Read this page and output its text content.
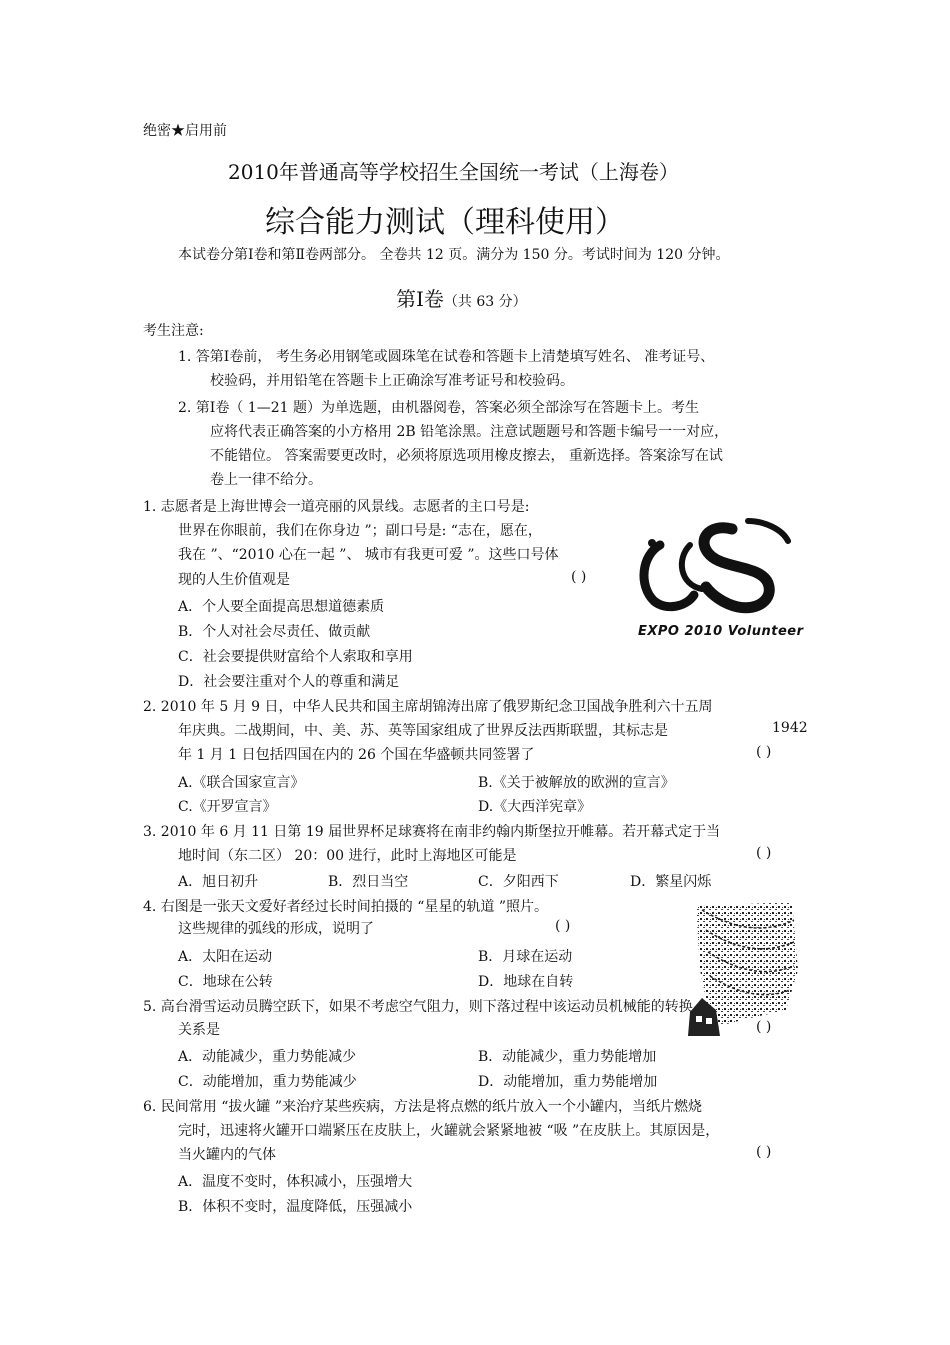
绝密★启用前
2010年普通高等学校招生全国统一考试（上海卷）
综合能力测试（理科使用）
本试卷分第Ⅰ卷和第Ⅱ卷两部分。 全卷共 12 页。满分为 150 分。考试时间为 120 分钟。
第Ⅰ卷（共 63 分）
考生注意:
1. 答第Ⅰ卷前， 考生务必用钢笔或圆珠笔在试卷和答题卡上清楚填写姓名、 准考证号、
校验码，并用铅笔在答题卡上正确涂写准考证号和校验码。
2. 第Ⅰ卷（ 1—21 题）为单选题，由机器阅卷，答案必须全部涂写在答题卡上。考生
应将代表正确答案的小方格用 2B 铅笔涂黑。注意试题题号和答题卡编号一一对应，
不能错位。 答案需要更改时，必须将原选项用橡皮擦去， 重新选择。答案涂写在试
卷上一律不给分。
1. 志愿者是上海世博会一道亮丽的风景线。志愿者的主口号是:
世界在你眼前，我们在你身边 ”；副口号是: “志在，愿在，
我在 ”、“2010 心在一起 ”、 城市有我更可爱 ”。这些口号体
现的人生价值观是	( )
A．个人要全面提高思想道德素质
B．个人对社会尽责任、做贡献
C．社会要提供财富给个人索取和享用
D．社会要注重对个人的尊重和满足
EXPO 2010 Volunteer
2. 2010 年 5 月 9 日，中华人民共和国主席胡锦涛出席了俄罗斯纪念卫国战争胜利六十五周
年庆典。二战期间，中、美、苏、英等国家组成了世界反法西斯联盟，其标志是	1942
年 1 月 1 日包括四国在内的 26 个国在华盛顿共同签署了	( )
A.《联合国家宣言》	B.《关于被解放的欧洲的宣言》
C.《开罗宣言》	D.《大西洋宪章》
3. 2010 年 6 月 11 日第 19 届世界杯足球赛将在南非约翰内斯堡拉开帷幕。若开幕式定于当
地时间（东二区） 20：00 进行，此时上海地区可能是	( )
A．旭日初升	B．烈日当空	C．夕阳西下	D．繁星闪烁
4. 右图是一张天文爱好者经过长时间拍摄的 “星星的轨道 ”照片。
这些规律的弧线的形成，说明了	( )
A．太阳在运动	B．月球在运动
C．地球在公转	D．地球在自转
5. 高台滑雪运动员腾空跃下，如果不考虑空气阻力，则下落过程中该运动员机械能的转换
关系是	( )
A．动能减少，重力势能减少	B．动能减少，重力势能增加
C．动能增加，重力势能减少	D．动能增加，重力势能增加
6. 民间常用 “拔火罐 ”来治疗某些疾病，方法是将点燃的纸片放入一个小罐内，当纸片燃烧
完时，迅速将火罐开口端紧压在皮肤上，火罐就会紧紧地被 “吸 ”在皮肤上。其原因是，
当火罐内的气体	( )
A．温度不变时，体积减小，压强增大
B．体积不变时，温度降低，压强减小
